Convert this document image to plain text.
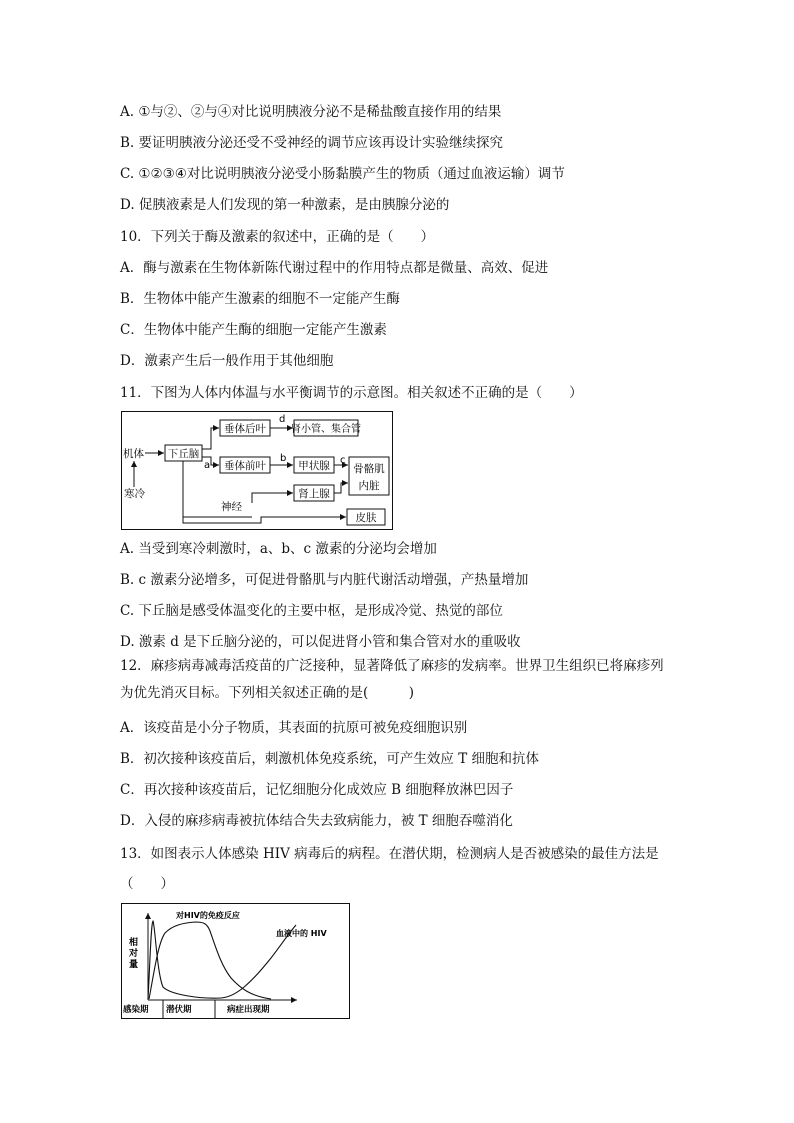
A. ①与②、②与④对比说明胰液分泌不是稀盐酸直接作用的结果
B. 要证明胰液分泌还受不受神经的调节应该再设计实验继续探究
C. ①②③④对比说明胰液分泌受小肠黏膜产生的物质（通过血液运输）调节
D. 促胰液素是人们发现的第一种激素，是由胰腺分泌的
10．下列关于酶及激素的叙述中，正确的是（　　）
A．酶与激素在生物体新陈代谢过程中的作用特点都是微量、高效、促进
B．生物体中能产生激素的细胞不一定能产生酶
C．生物体中能产生酶的细胞一定能产生激素
D．激素产生后一般作用于其他细胞
11．下图为人体内体温与水平衡调节的示意图。相关叙述不正确的是（　　）
下丘脑
垂体后叶
垂体前叶
肾小管、集合管
甲状腺
肾上腺
骨骼肌
内脏
皮肤
机体
寒冷
神经
a
b	c
d
A. 当受到寒冷刺激时，a、b、c 激素的分泌均会增加
B. c 激素分泌增多，可促进骨骼肌与内脏代谢活动增强，产热量增加
C. 下丘脑是感受体温变化的主要中枢，是形成冷觉、热觉的部位
D. 激素 d 是下丘脑分泌的，可以促进肾小管和集合管对水的重吸收
12．麻疹病毒减毒活疫苗的广泛接种，显著降低了麻疹的发病率。世界卫生组织已将麻疹列
为优先消灭目标。下列相关叙述正确的是(　　　)
A．该疫苗是小分子物质，其表面的抗原可被免疫细胞识别
B．初次接种该疫苗后，刺激机体免疫系统，可产生效应 T 细胞和抗体
C．再次接种该疫苗后，记忆细胞分化成效应 B 细胞释放淋巴因子
D．入侵的麻疹病毒被抗体结合失去致病能力，被 T 细胞吞噬消化
13．如图表示人体感染 HIV 病毒后的病程。在潜伏期，检测病人是否被感染的最佳方法是
（　　）
相
对
量
对HIV的免疫反应
血液中的 HIV
感染期 潜伏期	病症出现期
